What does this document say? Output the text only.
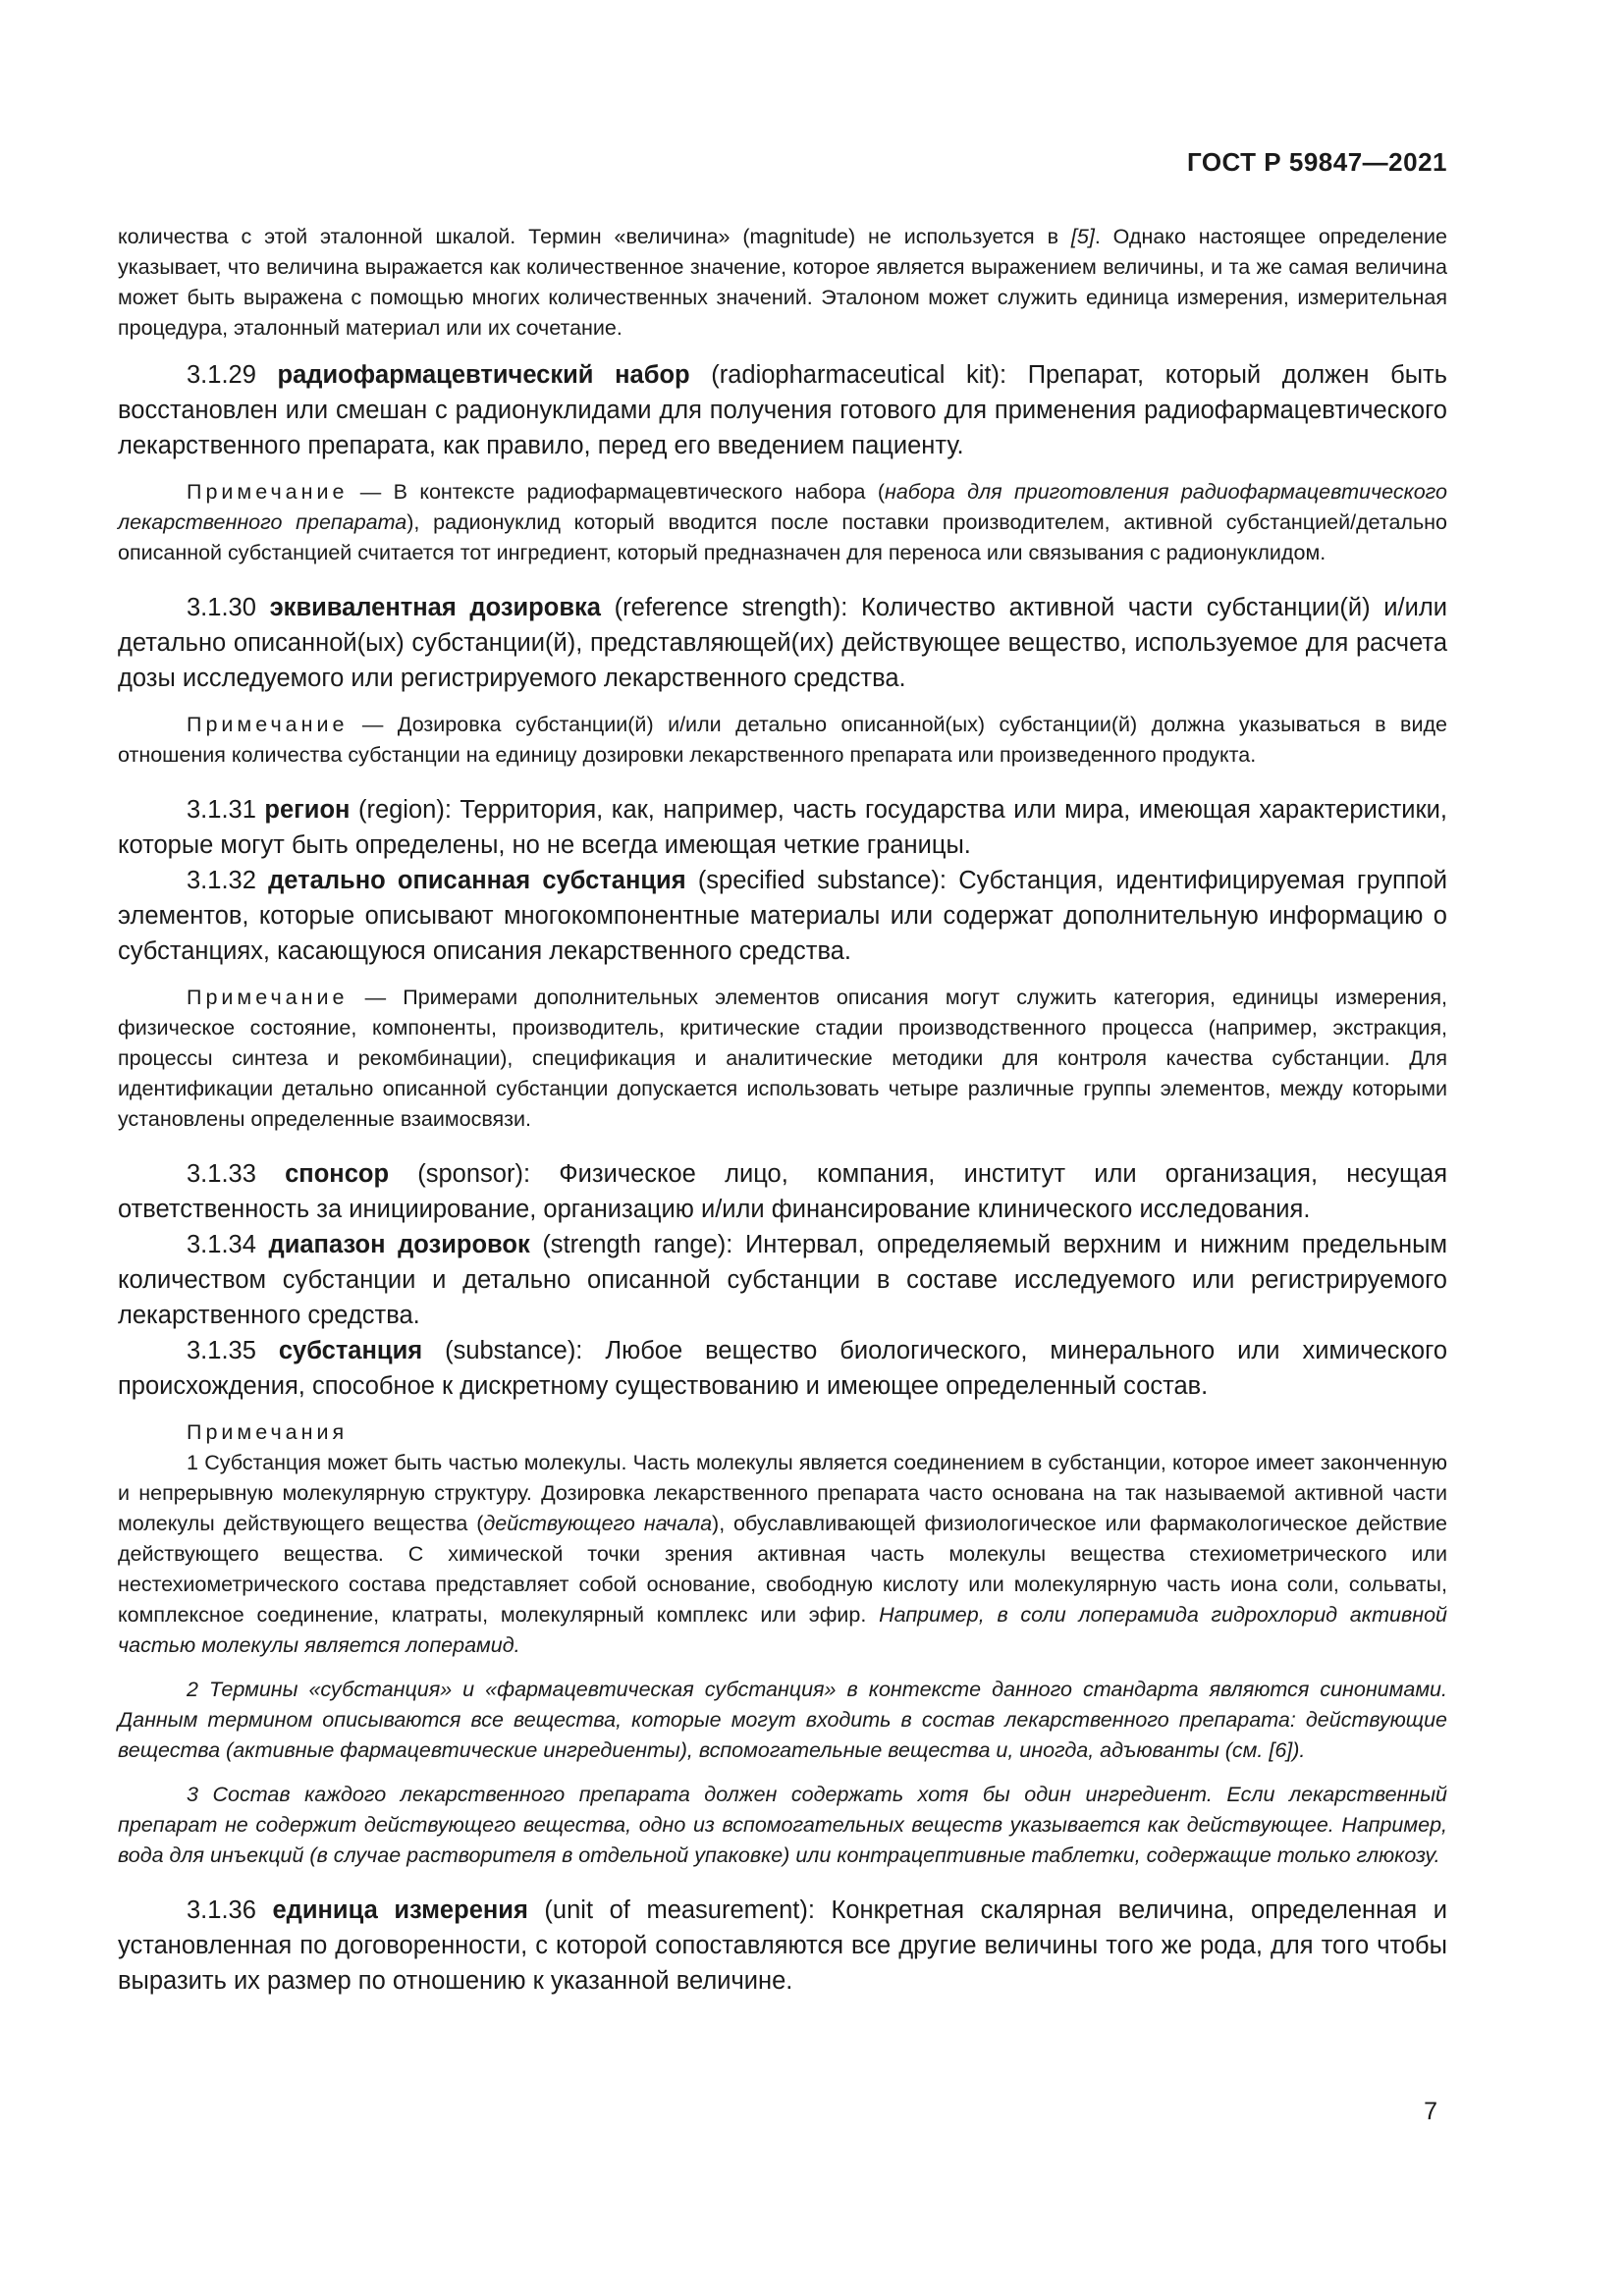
ГОСТ Р 59847—2021

количества с этой эталонной шкалой. Термин «величина» (magnitude) не используется в [5]. Однако настоящее определение указывает, что величина выражается как количественное значение, которое является выражением величины, и та же самая величина может быть выражена с помощью многих количественных значений. Эталоном может служить единица измерения, измерительная процедура, эталонный материал или их сочетание.

3.1.29 радиофармацевтический набор (radiopharmaceutical kit): Препарат, который должен быть восстановлен или смешан с радионуклидами для получения готового для применения радиофармацевтического лекарственного препарата, как правило, перед его введением пациенту.

Примечание — В контексте радиофармацевтического набора (набора для приготовления радиофармацевтического лекарственного препарата), радионуклид который вводится после поставки производителем, активной субстанцией/детально описанной субстанцией считается тот ингредиент, который предназначен для переноса или связывания с радионуклидом.

3.1.30 эквивалентная дозировка (reference strength): Количество активной части субстанции(й) и/или детально описанной(ых) субстанции(й), представляющей(их) действующее вещество, используемое для расчета дозы исследуемого или регистрируемого лекарственного средства.

Примечание — Дозировка субстанции(й) и/или детально описанной(ых) субстанции(й) должна указываться в виде отношения количества субстанции на единицу дозировки лекарственного препарата или произведенного продукта.

3.1.31 регион (region): Территория, как, например, часть государства или мира, имеющая характеристики, которые могут быть определены, но не всегда имеющая четкие границы.

3.1.32 детально описанная субстанция (specified substance): Субстанция, идентифицируемая группой элементов, которые описывают многокомпонентные материалы или содержат дополнительную информацию о субстанциях, касающуюся описания лекарственного средства.

Примечание — Примерами дополнительных элементов описания могут служить категория, единицы измерения, физическое состояние, компоненты, производитель, критические стадии производственного процесса (например, экстракция, процессы синтеза и рекомбинации), спецификация и аналитические методики для контроля качества субстанции. Для идентификации детально описанной субстанции допускается использовать четыре различные группы элементов, между которыми установлены определенные взаимосвязи.

3.1.33 спонсор (sponsor): Физическое лицо, компания, институт или организация, несущая ответственность за инициирование, организацию и/или финансирование клинического исследования.

3.1.34 диапазон дозировок (strength range): Интервал, определяемый верхним и нижним предельным количеством субстанции и детально описанной субстанции в составе исследуемого или регистрируемого лекарственного средства.

3.1.35 субстанция (substance): Любое вещество биологического, минерального или химического происхождения, способное к дискретному существованию и имеющее определенный состав.

Примечания

1 Субстанция может быть частью молекулы. Часть молекулы является соединением в субстанции, которое имеет законченную и непрерывную молекулярную структуру. Дозировка лекарственного препарата часто основана на так называемой активной части молекулы действующего вещества (действующего начала), обуславливающей физиологическое или фармакологическое действие действующего вещества. С химической точки зрения активная часть молекулы вещества стехиометрического или нестехиометрического состава представляет собой основание, свободную кислоту или молекулярную часть иона соли, сольваты, комплексное соединение, клатраты, молекулярный комплекс или эфир. Например, в соли лоперамида гидрохлорид активной частью молекулы является лоперамид.

2 Термины «субстанция» и «фармацевтическая субстанция» в контексте данного стандарта являются синонимами. Данным термином описываются все вещества, которые могут входить в состав лекарственного препарата: действующие вещества (активные фармацевтические ингредиенты), вспомогательные вещества и, иногда, адъюванты (см. [6]).

3 Состав каждого лекарственного препарата должен содержать хотя бы один ингредиент. Если лекарственный препарат не содержит действующего вещества, одно из вспомогательных веществ указывается как действующее. Например, вода для инъекций (в случае растворителя в отдельной упаковке) или контрацептивные таблетки, содержащие только глюкозу.

3.1.36 единица измерения (unit of measurement): Конкретная скалярная величина, определенная и установленная по договоренности, с которой сопоставляются все другие величины того же рода, для того чтобы выразить их размер по отношению к указанной величине.

7
